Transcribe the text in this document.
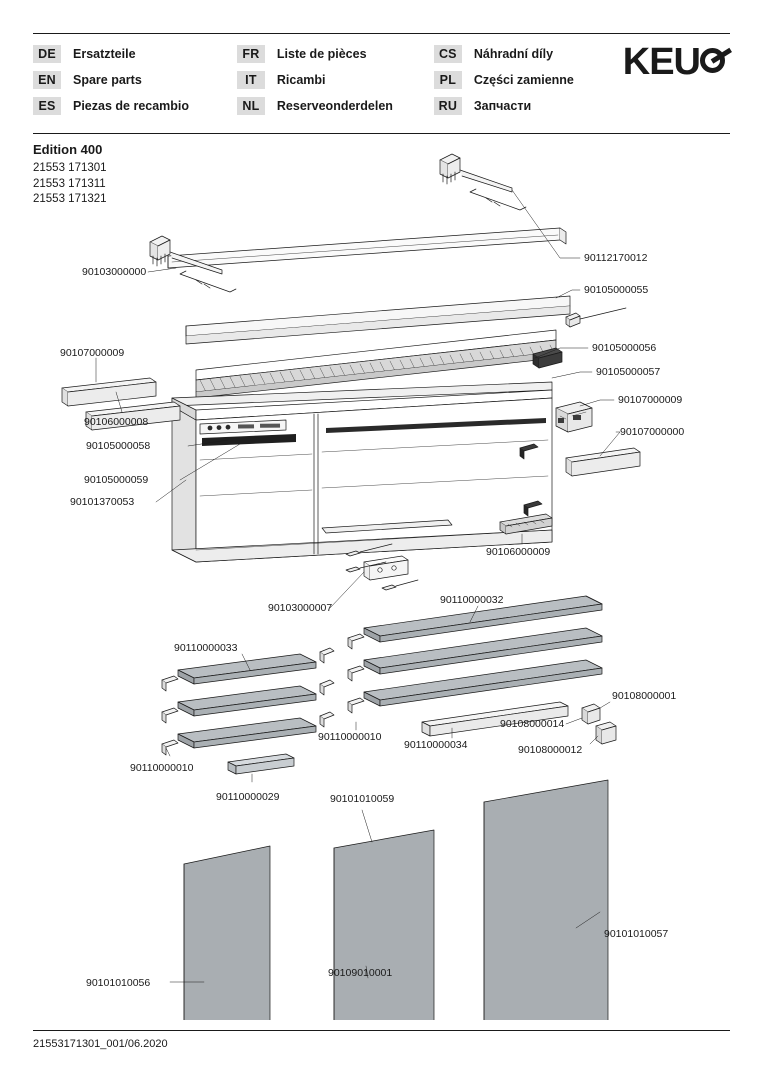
DE	Ersatzteile	FR	Liste de pièces	CS	Náhradní díly
EN	Spare parts	IT	Ricambi	PL	Części zamienne
ES	Piezas de recambio	NL	Reserveonderdelen	RU	Запчасти
KEU
Edition 400
21553 171301
21553 171311
21553 171321
90103000000
90112170012
90105000055
90107000009	90105000056
90105000057
90107000009
90106000008
90105000058
90107000000
90105000059
90101370053
90106000009
90103000007
90110000032
90110000033
90108000001
90108000014
90110000010
90110000034	90108000012
90110000010
90110000029	90101010059
90101010057
90101010056
90109010001
21553171301_001/06.2020
